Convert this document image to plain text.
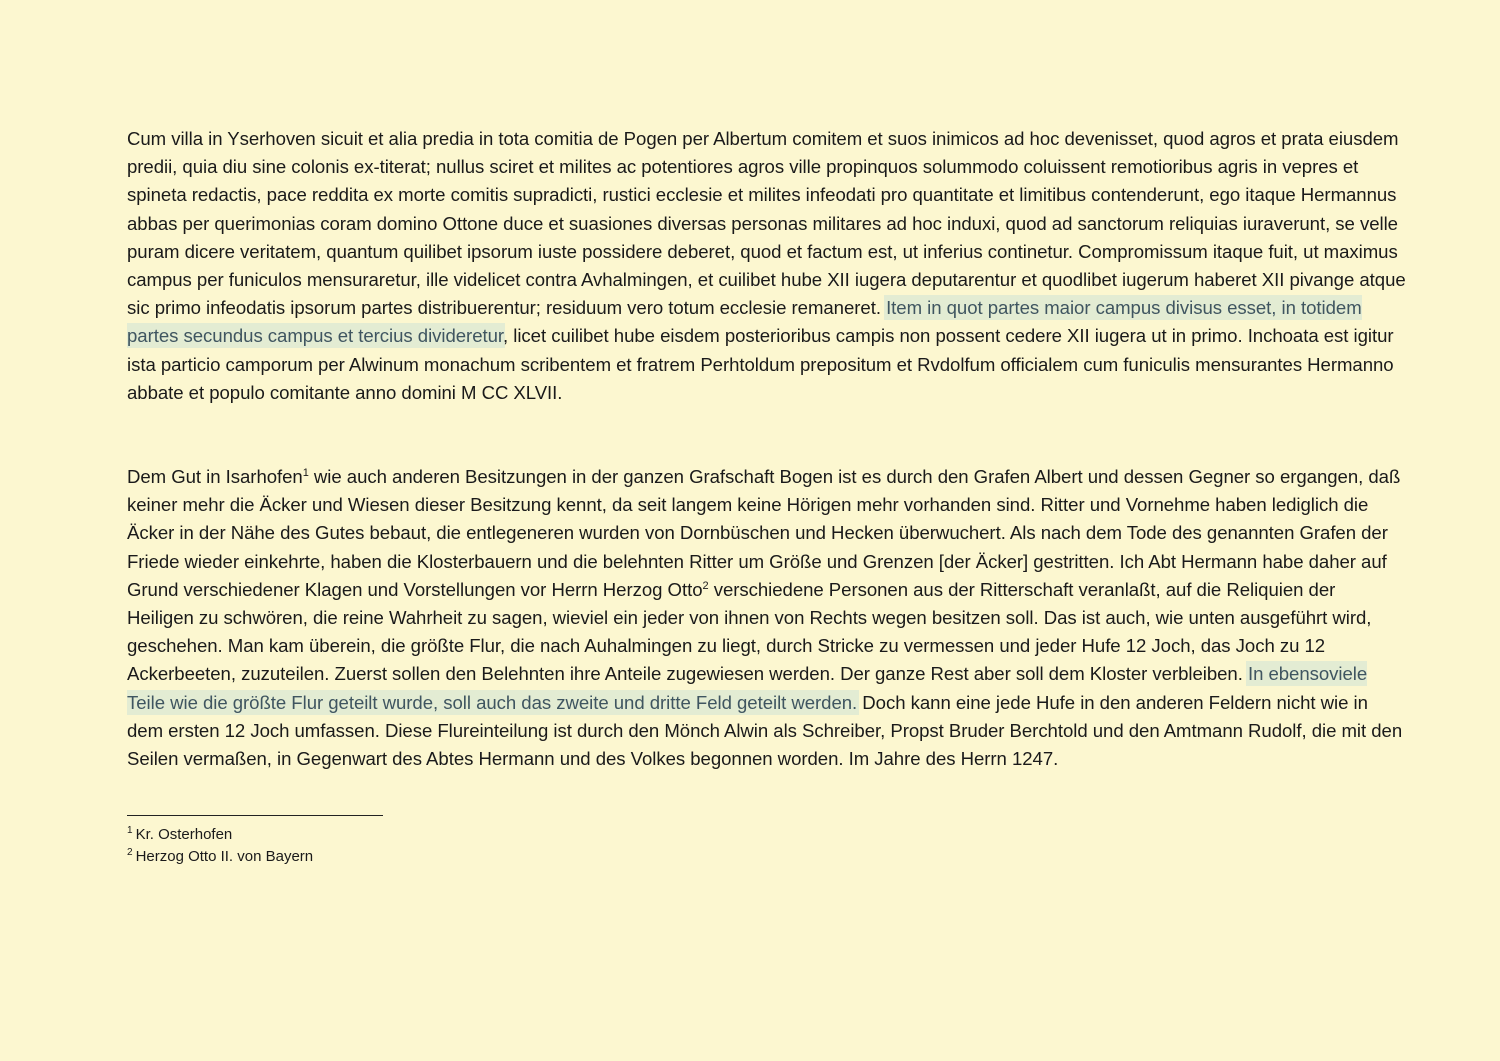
Cum villa in Yserhoven sicuit et alia predia in tota comitia de Pogen per Albertum comitem et suos inimicos ad hoc devenisset, quod agros et prata eiusdem predii, quia diu sine colonis ex-titerat; nullus sciret et milites ac potentiores agros ville propinquos solummodo coluissent remotioribus agris in vepres et spineta redactis, pace reddita ex morte comitis supradicti, rustici ecclesie et milites infeodati pro quantitate et limitibus contenderunt, ego itaque Hermannus abbas per querimonias coram domino Ottone duce et suasiones diversas personas militares ad hoc induxi, quod ad sanctorum reliquias iuraverunt, se velle puram dicere veritatem, quantum quilibet ipsorum iuste possidere deberet, quod et factum est, ut inferius continetur. Compromissum itaque fuit, ut maximus campus per funiculos mensuraretur, ille videlicet contra Avhalmingen, et cuilibet hube XII iugera deputarentur et quodlibet iugerum haberet XII pivange atque sic primo infeodatis ipsorum partes distribuerentur; residuum vero totum ecclesie remaneret. Item in quot partes maior campus divisus esset, in totidem partes secundus campus et tercius divideretur, licet cuilibet hube eisdem posterioribus campis non possent cedere XII iugera ut in primo. Inchoata est igitur ista particio camporum per Alwinum monachum scribentem et fratrem Perhtoldum prepositum et Rvdolfum officialem cum funiculis mensurantes Hermanno abbate et populo comitante anno domini M CC XLVII.

Dem Gut in Isarhofen$^1$ wie auch anderen Besitzungen in der ganzen Grafschaft Bogen ist es durch den Grafen Albert und dessen Gegner so ergangen, daß keiner mehr die Äcker und Wiesen dieser Besitzung kennt, da seit langem keine Hörigen mehr vorhanden sind. Ritter und Vornehme haben lediglich die Äcker in der Nähe des Gutes bebaut, die entlegeneren wurden von Dornbüschen und Hecken überwuchert. Als nach dem Tode des genannten Grafen der Friede wieder einkehrte, haben die Klosterbauern und die belehnten Ritter um Größe und Grenzen [der Äcker] gestritten. Ich Abt Hermann habe daher auf Grund verschiedener Klagen und Vorstellungen vor Herrn Herzog Otto$^2$ verschiedene Personen aus der Ritterschaft veranlaßt, auf die Reliquien der Heiligen zu schwören, die reine Wahrheit zu sagen, wieviel ein jeder von ihnen von Rechts wegen besitzen soll. Das ist auch, wie unten ausgeführt wird, geschehen. Man kam überein, die größte Flur, die nach Auhalmingen zu liegt, durch Stricke zu vermessen und jeder Hufe 12 Joch, das Joch zu 12 Ackerbeeten, zuzuteilen. Zuerst sollen den Belehnten ihre Anteile zugewiesen werden. Der ganze Rest aber soll dem Kloster verbleiben. In ebensoviele Teile wie die größte Flur geteilt wurde, soll auch das zweite und dritte Feld geteilt werden. Doch kann eine jede Hufe in den anderen Feldern nicht wie in dem ersten 12 Joch umfassen. Diese Flureinteilung ist durch den Mönch Alwin als Schreiber, Propst Bruder Berchtold und den Amtmann Rudolf, die mit den Seilen vermaßen, in Gegenwart des Abtes Hermann und des Volkes begonnen worden. Im Jahre des Herrn 1247.

$^1$ Kr. Osterhofen

$^2$ Herzog Otto II. von Bayern
